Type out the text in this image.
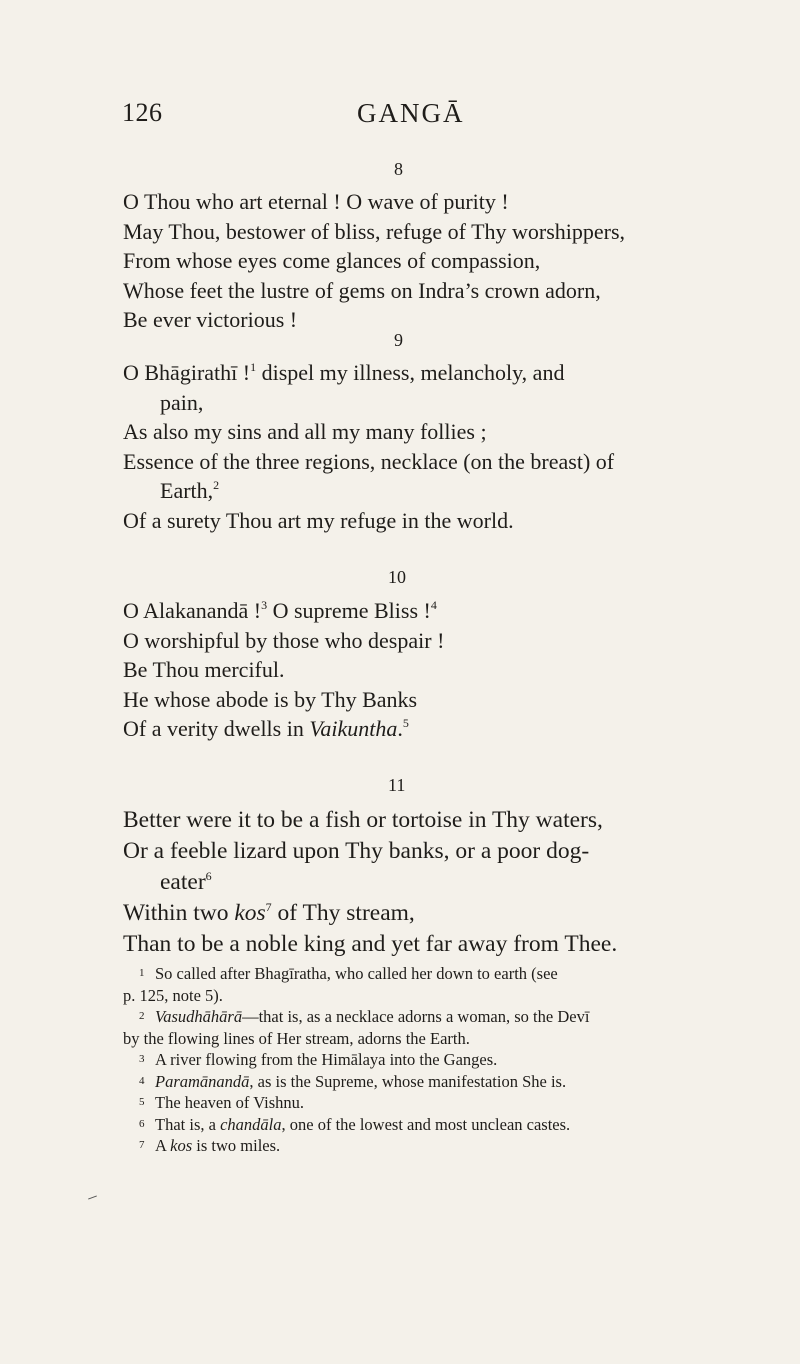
126	GANGĀ
8
O Thou who art eternal ! O wave of purity !
May Thou, bestower of bliss, refuge of Thy worshippers,
From whose eyes come glances of compassion,
Whose feet the lustre of gems on Indra’s crown adorn,
Be ever victorious !
9
O Bhāgirathī !$^1$ dispel my illness, melancholy, and
pain,
As also my sins and all my many follies ;
Essence of the three regions, necklace (on the breast) of
Earth,$^2$
Of a surety Thou art my refuge in the world.
10
O Alakanandā !$^3$ O supreme Bliss !$^4$
O worshipful by those who despair !
Be Thou merciful.
He whose abode is by Thy Banks
Of a verity dwells in Vaikuntha.$^5$
11
Better were it to be a fish or tortoise in Thy waters,
Or a feeble lizard upon Thy banks, or a poor dog-
eater$^6$
Within two kos$^7$ of Thy stream,
Than to be a noble king and yet far away from Thee.
1 So called after Bhagīratha, who called her down to earth (see
p. 125, note 5).
2 Vasudhāhārā—that is, as a necklace adorns a woman, so the Devī
by the flowing lines of Her stream, adorns the Earth.
3 A river flowing from the Himālaya into the Ganges.
4 Paramānandā, as is the Supreme, whose manifestation She is.
5 The heaven of Vishnu.
6 That is, a chandāla, one of the lowest and most unclean castes.
7 A kos is two miles.
